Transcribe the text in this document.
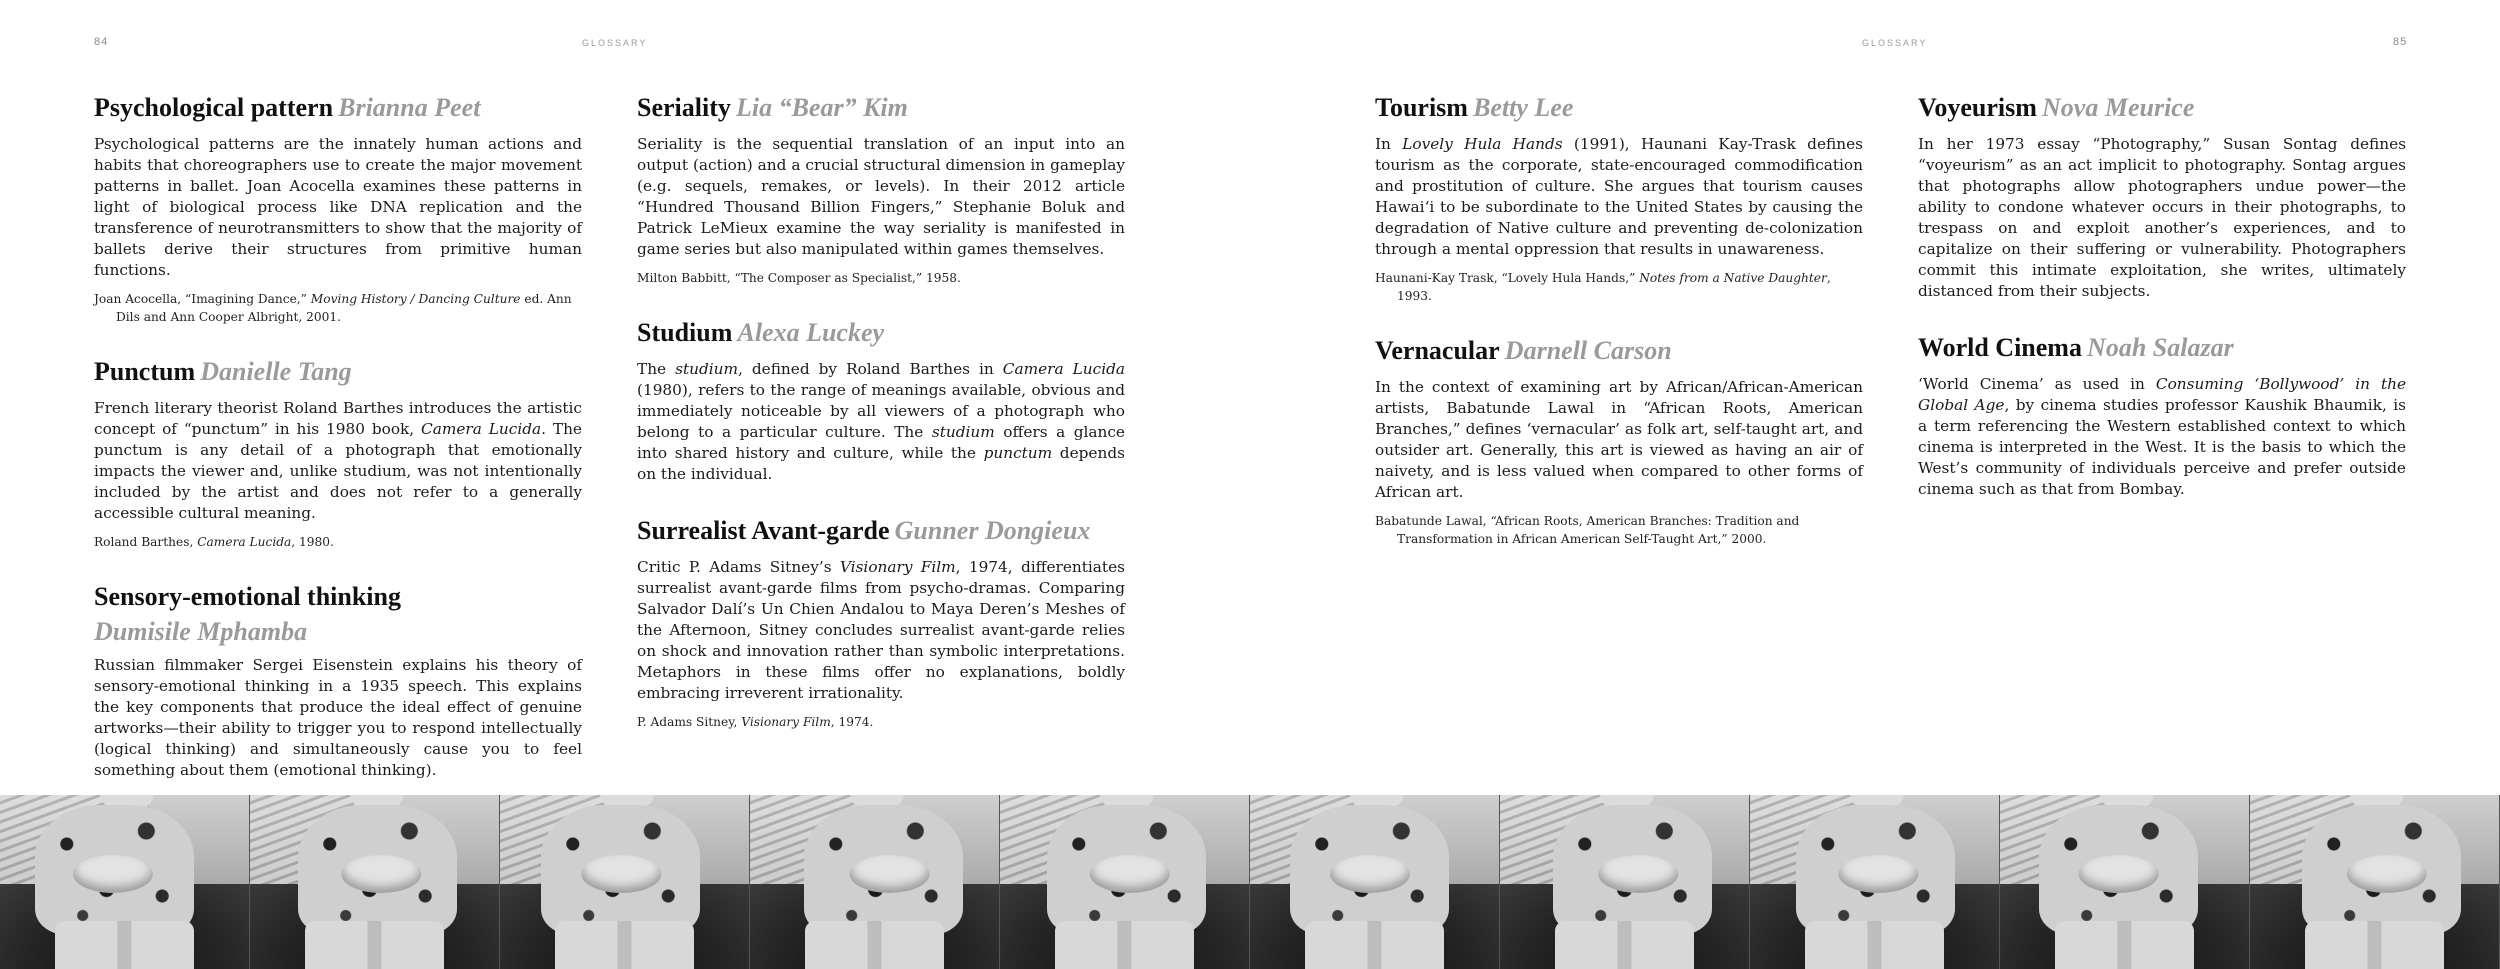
84	GLOSSARY
Psychological pattern Brianna Peet

Psychological patterns are the innately human actions and habits that choreographers use to create the major movement patterns in ballet. Joan Acocella examines these patterns in light of biological process like DNA replication and the transference of neurotransmitters to show that the majority of ballets derive their structures from primitive human functions.

Joan Acocella, “Imagining Dance,” Moving History / Dancing Culture ed. Ann Dils and Ann Cooper Albright, 2001.

Punctum Danielle Tang

French literary theorist Roland Barthes introduces the artistic concept of “punctum” in his 1980 book, Camera Lucida. The punctum is any detail of a photograph that emotionally impacts the viewer and, unlike studium, was not intentionally included by the artist and does not refer to a generally accessible cultural meaning.

Roland Barthes, Camera Lucida, 1980.

Sensory-emotional thinking
Dumisile Mphamba

Russian filmmaker Sergei Eisenstein explains his theory of sensory-emotional thinking in a 1935 speech. This explains the key components that produce the ideal effect of genuine artworks—their ability to trigger you to respond intellectually (logical thinking) and simultaneously cause you to feel something about them (emotional thinking).

Seriality Lia “Bear” Kim

Seriality is the sequential translation of an input into an output (action) and a crucial structural dimension in gameplay (e.g. sequels, remakes, or levels). In their 2012 article “Hundred Thousand Billion Fingers,” Stephanie Boluk and Patrick LeMieux examine the way seriality is manifested in game series but also manipulated within games themselves.

Milton Babbitt, “The Composer as Specialist,” 1958.

Studium Alexa Luckey

The studium, defined by Roland Barthes in Camera Lucida (1980), refers to the range of meanings available, obvious and immediately noticeable by all viewers of a photograph who belong to a particular culture. The studium offers a glance into shared history and culture, while the punctum depends on the individual.

Surrealist Avant-garde Gunner Dongieux

Critic P. Adams Sitney’s Visionary Film, 1974, differentiates surrealist avant-garde films from psycho-dramas. Comparing Salvador Dalí’s Un Chien Andalou to Maya Deren’s Meshes of the Afternoon, Sitney concludes surrealist avant-garde relies on shock and innovation rather than symbolic interpretations. Metaphors in these films offer no explanations, boldly embracing irreverent irrationality.

P. Adams Sitney, Visionary Film, 1974.

GLOSSARY	85
Tourism Betty Lee

In Lovely Hula Hands (1991), Haunani Kay-Trask defines tourism as the corporate, state-encouraged commodification and prostitution of culture. She argues that tourism causes Hawai‘i to be subordinate to the United States by causing the degradation of Native culture and preventing de-colonization through a mental oppression that results in unawareness.

Haunani-Kay Trask, “Lovely Hula Hands,” Notes from a Native Daughter, 1993.

Vernacular Darnell Carson

In the context of examining art by African/African-American artists, Babatunde Lawal in “African Roots, American Branches,” defines ‘vernacular’ as folk art, self-taught art, and outsider art. Generally, this art is viewed as having an air of naivety, and is less valued when compared to other forms of African art.

Babatunde Lawal, “African Roots, American Branches: Tradition and Transformation in African American Self-Taught Art,” 2000.

Voyeurism Nova Meurice

In her 1973 essay “Photography,” Susan Sontag defines “voyeurism” as an act implicit to photography. Sontag argues that photographs allow photographers undue power—the ability to condone whatever occurs in their photographs, to trespass on and exploit another’s experiences, and to capitalize on their suffering or vulnerability. Photographers commit this intimate exploitation, she writes, ultimately distanced from their subjects.

World Cinema Noah Salazar

‘World Cinema’ as used in Consuming ‘Bollywood’ in the Global Age, by cinema studies professor Kaushik Bhaumik, is a term referencing the Western established context to which cinema is interpreted in the West. It is the basis to which the West’s community of individuals perceive and prefer outside cinema such as that from Bombay.
